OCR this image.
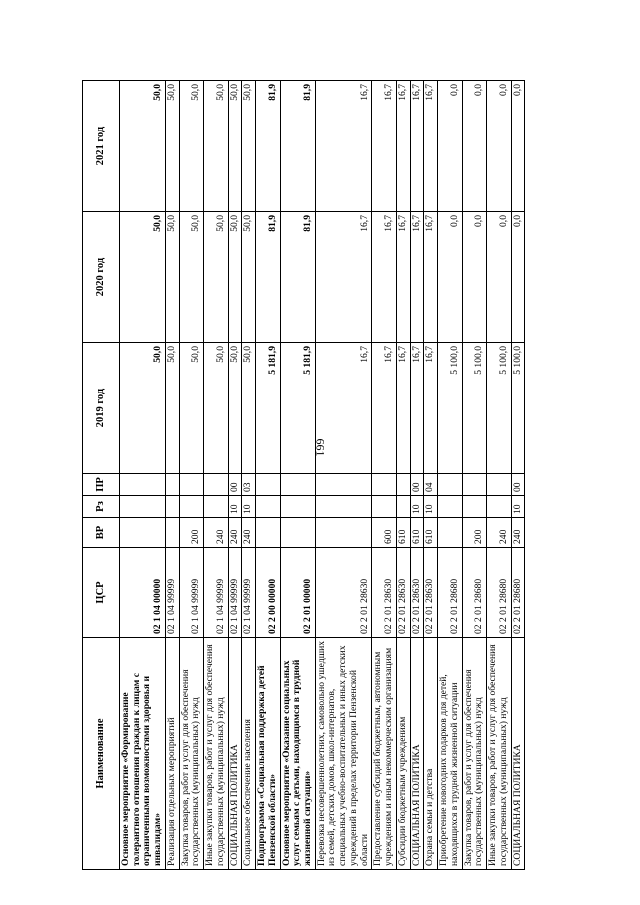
661
Наименование	ЦСР	ВР	Рз	ПР	2019 год	2020 год	2021 год
Основное мероприятие «Формирование толерантного отношения граждан к лицам с ограниченными возможностями здоровья и инвалидам»	02 1 04 00000				50,0	50,0	50,0
Реализация отдельных мероприятий	02 1 04 99999				50,0	50,0	50,0
Закупка товаров, работ и услуг для обеспечения государственных (муниципальных) нужд	02 1 04 99999	200			50,0	50,0	50,0
Иные закупки товаров, работ и услуг для обеспечения государственных (муниципальных) нужд	02 1 04 99999	240			50,0	50,0	50,0
СОЦИАЛЬНАЯ ПОЛИТИКА	02 1 04 99999	240	10	00	50,0	50,0	50,0
Социальное обеспечение населения	02 1 04 99999	240	10	03	50,0	50,0	50,0
Подпрограмма «Социальная поддержка детей Пензенской области»	02 2 00 00000				5 181,9	81,9	81,9
Основное мероприятие «Оказание социальных услуг семьям с детьми, находящимся в трудной жизненной ситуации»	02 2 01 00000				5 181,9	81,9	81,9
Перевозка несовершеннолетних, самовольно ушедших из семей, детских домов, школ-интернатов, специальных учебно-воспитательных и иных детских учреждений в пределах территории Пензенской области	02 2 01 28630				16,7	16,7	16,7
Предоставление субсидий бюджетным, автономным учреждениям и иным некоммерческим организациям	02 2 01 28630	600			16,7	16,7	16,7
Субсидии бюджетным учреждениям	02 2 01 28630	610			16,7	16,7	16,7
СОЦИАЛЬНАЯ ПОЛИТИКА	02 2 01 28630	610	10	00	16,7	16,7	16,7
Охрана семьи и детства	02 2 01 28630	610	10	04	16,7	16,7	16,7
Приобретение новогодних подарков для детей, находящихся в трудной жизненной ситуации	02 2 01 28680				5 100,0	0,0	0,0
Закупка товаров, работ и услуг для обеспечения государственных (муниципальных) нужд	02 2 01 28680	200			5 100,0	0,0	0,0
Иные закупки товаров, работ и услуг для обеспечения государственных (муниципальных) нужд	02 2 01 28680	240			5 100,0	0,0	0,0
СОЦИАЛЬНАЯ ПОЛИТИКА	02 2 01 28680	240	10	00	5 100,0	0,0	0,0
